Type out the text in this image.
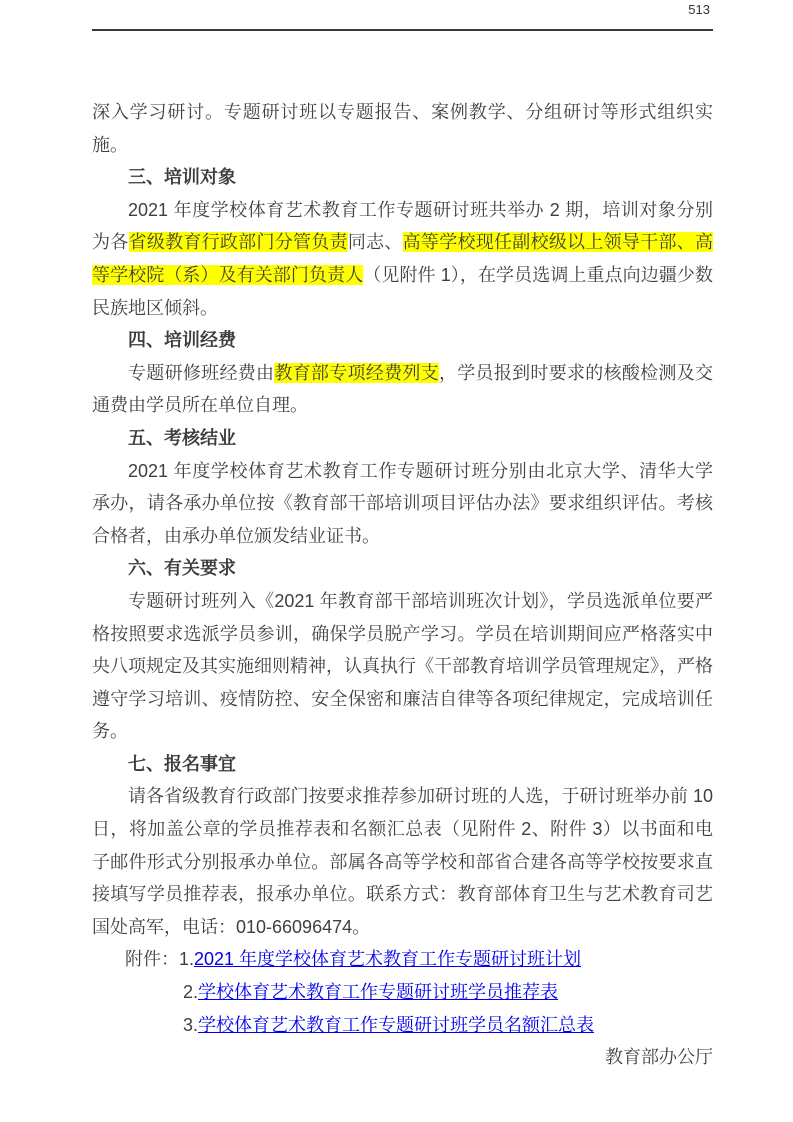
513
深入学习研讨。专题研讨班以专题报告、案例教学、分组研讨等形式组织实施。
三、培训对象
2021 年度学校体育艺术教育工作专题研讨班共举办 2 期，培训对象分别为各省级教育行政部门分管负责同志、高等学校现任副校级以上领导干部、高等学校院（系）及有关部门负责人（见附件 1），在学员选调上重点向边疆少数民族地区倾斜。
四、培训经费
专题研修班经费由教育部专项经费列支，学员报到时要求的核酸检测及交通费由学员所在单位自理。
五、考核结业
2021 年度学校体育艺术教育工作专题研讨班分别由北京大学、清华大学承办，请各承办单位按《教育部干部培训项目评估办法》要求组织评估。考核合格者，由承办单位颁发结业证书。
六、有关要求
专题研讨班列入《2021 年教育部干部培训班次计划》，学员选派单位要严格按照要求选派学员参训，确保学员脱产学习。学员在培训期间应严格落实中央八项规定及其实施细则精神，认真执行《干部教育培训学员管理规定》，严格遵守学习培训、疫情防控、安全保密和廉洁自律等各项纪律规定，完成培训任务。
七、报名事宜
请各省级教育行政部门按要求推荐参加研讨班的人选，于研讨班举办前 10 日，将加盖公章的学员推荐表和名额汇总表（见附件 2、附件 3）以书面和电子邮件形式分别报承办单位。部属各高等学校和部省合建各高等学校按要求直接填写学员推荐表，报承办单位。联系方式：教育部体育卫生与艺术教育司艺国处高军，电话：010-66096474。
附件：1.2021 年度学校体育艺术教育工作专题研讨班计划
2.学校体育艺术教育工作专题研讨班学员推荐表
3.学校体育艺术教育工作专题研讨班学员名额汇总表
教育部办公厅
